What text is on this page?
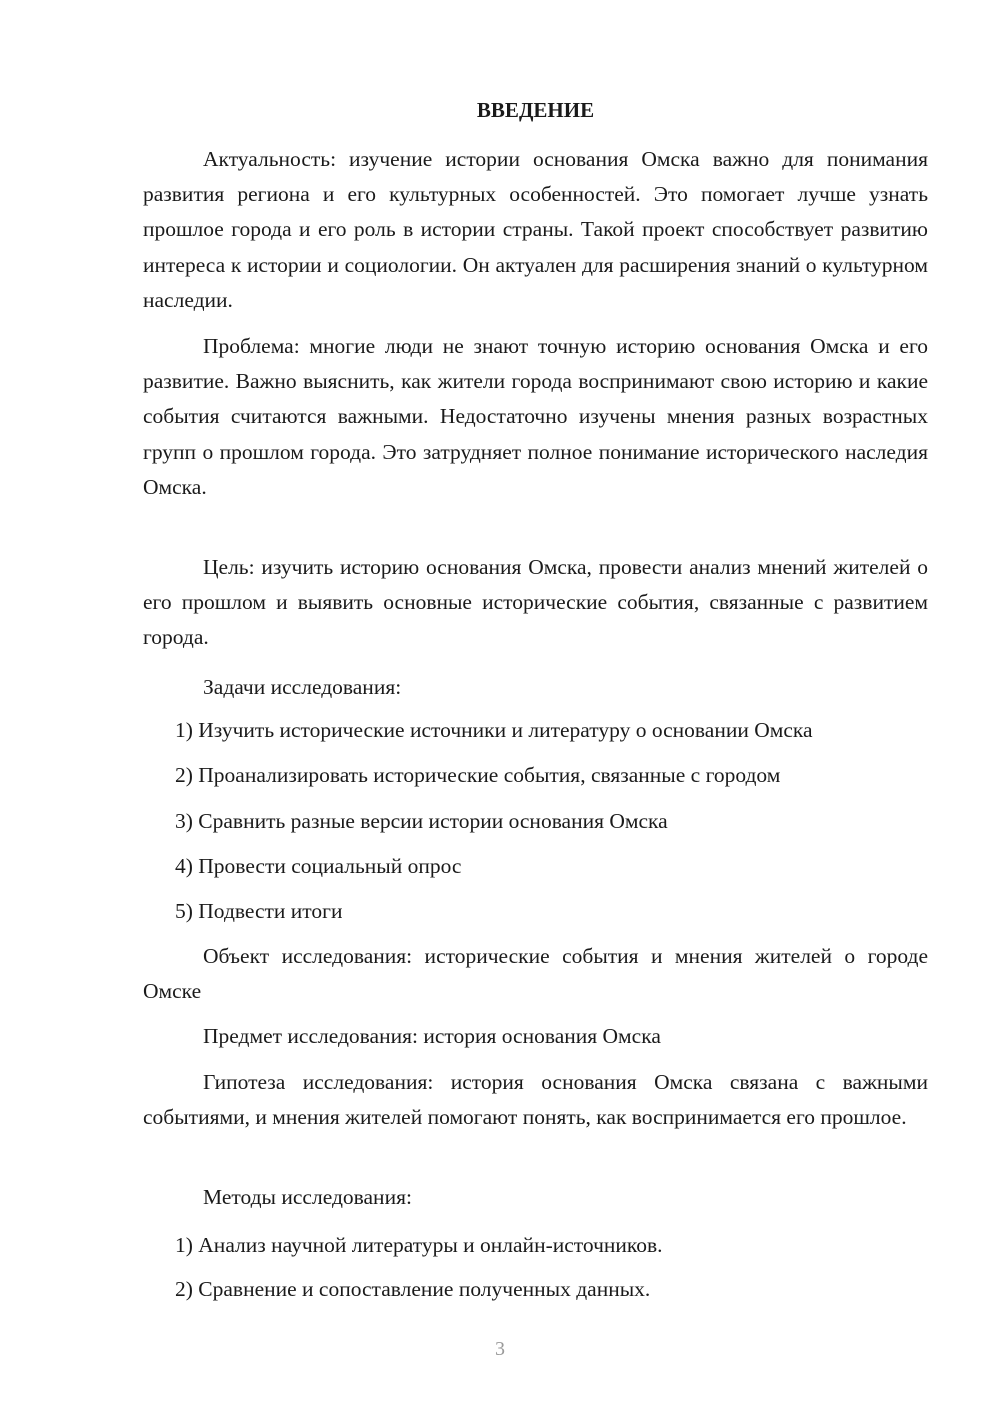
ВВЕДЕНИЕ

Актуальность: изучение истории основания Омска важно для понимания развития региона и его культурных особенностей. Это помогает лучше узнать прошлое города и его роль в истории страны. Такой проект способствует развитию интереса к истории и социологии. Он актуален для расширения знаний о культурном наследии.

Проблема: многие люди не знают точную историю основания Омска и его развитие. Важно выяснить, как жители города воспринимают свою историю и какие события считаются важными. Недостаточно изучены мнения разных возрастных групп о прошлом города. Это затрудняет полное понимание исторического наследия Омска.

Цель: изучить историю основания Омска, провести анализ мнений жителей о его прошлом и выявить основные исторические события, связанные с развитием города.

Задачи исследования:

1) Изучить исторические источники и литературу о основании Омска

2) Проанализировать исторические события, связанные с городом

3) Сравнить разные версии истории основания Омска

4) Провести социальный опрос

5) Подвести итоги

Объект исследования: исторические события и мнения жителей о городе Омске

Предмет исследования: история основания Омска

Гипотеза исследования: история основания Омска связана с важными событиями, и мнения жителей помогают понять, как воспринимается его прошлое.

Методы исследования:

1) Анализ научной литературы и онлайн-источников.

2) Сравнение и сопоставление полученных данных.

3
